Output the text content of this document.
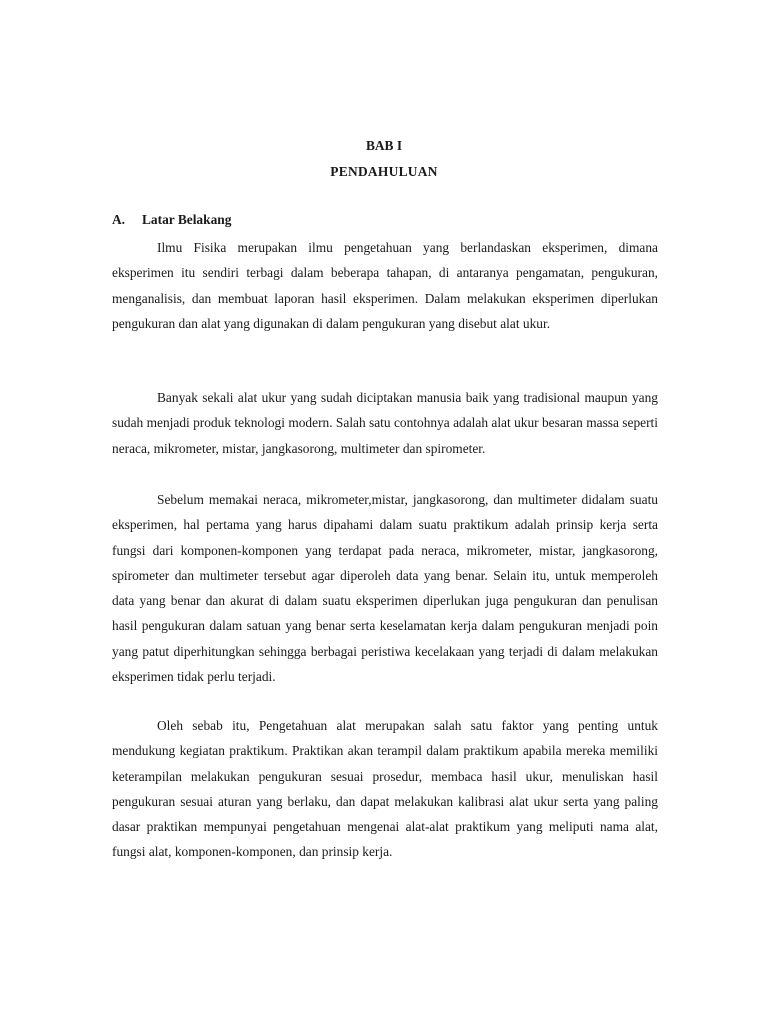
BAB I
PENDAHULUAN
A. Latar Belakang

Ilmu Fisika merupakan ilmu pengetahuan yang berlandaskan eksperimen, dimana eksperimen itu sendiri terbagi dalam beberapa tahapan, di antaranya pengamatan, pengukuran, menganalisis, dan membuat laporan hasil eksperimen. Dalam melakukan eksperimen diperlukan pengukuran dan alat yang digunakan di dalam pengukuran yang disebut alat ukur.

Banyak sekali alat ukur yang sudah diciptakan manusia baik yang tradisional maupun yang sudah menjadi produk teknologi modern. Salah satu contohnya adalah alat ukur besaran massa seperti neraca, mikrometer, mistar, jangkasorong, multimeter dan spirometer.

Sebelum memakai neraca, mikrometer,mistar, jangkasorong, dan multimeter didalam suatu eksperimen, hal pertama yang harus dipahami dalam suatu praktikum adalah prinsip kerja serta fungsi dari komponen-komponen yang terdapat pada neraca, mikrometer, mistar, jangkasorong, spirometer dan multimeter tersebut agar diperoleh data yang benar. Selain itu, untuk memperoleh data yang benar dan akurat di dalam suatu eksperimen diperlukan juga pengukuran dan penulisan hasil pengukuran dalam satuan yang benar serta keselamatan kerja dalam pengukuran menjadi poin yang patut diperhitungkan sehingga berbagai peristiwa kecelakaan yang terjadi di dalam melakukan eksperimen tidak perlu terjadi.

Oleh sebab itu, Pengetahuan alat merupakan salah satu faktor yang penting untuk mendukung kegiatan praktikum. Praktikan akan terampil dalam praktikum apabila mereka memiliki keterampilan melakukan pengukuran sesuai prosedur, membaca hasil ukur, menuliskan hasil pengukuran sesuai aturan yang berlaku, dan dapat melakukan kalibrasi alat ukur serta yang paling dasar praktikan mempunyai pengetahuan mengenai alat-alat praktikum yang meliputi nama alat, fungsi alat, komponen-komponen, dan prinsip kerja.
